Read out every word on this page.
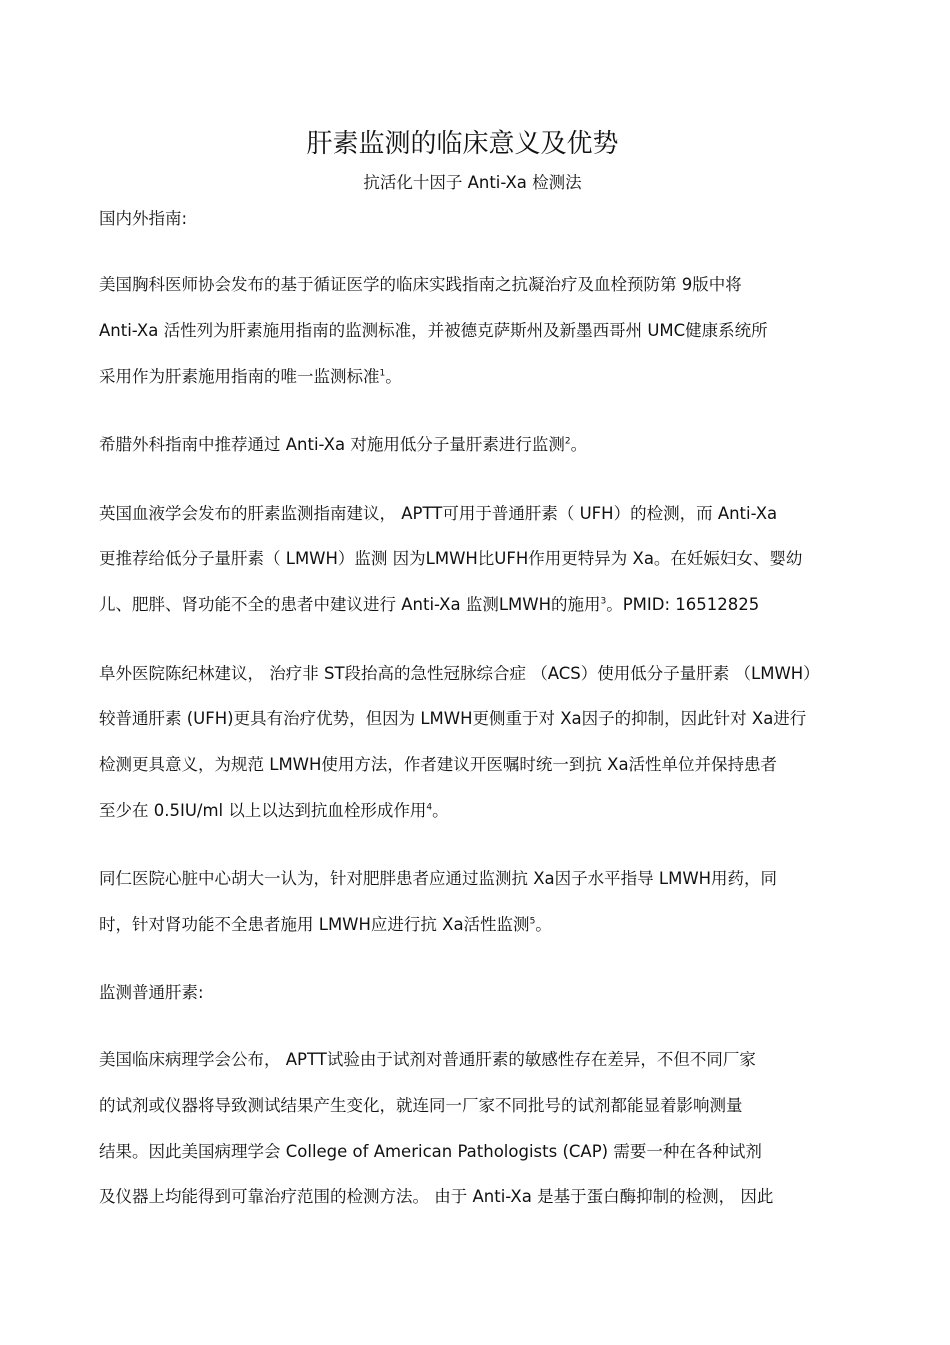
肝素监测的临床意义及优势
抗活化十因子 Anti-Xa 检测法
国内外指南:
美国胸科医师协会发布的基于循证医学的临床实践指南之抗凝治疗及血栓预防第 9版中将
Anti-Xa 活性列为肝素施用指南的监测标准，并被德克萨斯州及新墨西哥州 UMC健康系统所
采用作为肝素施用指南的唯一监测标准$^1$。
希腊外科指南中推荐通过 Anti-Xa 对施用低分子量肝素进行监测$^2$。
英国血液学会发布的肝素监测指南建议， APTT可用于普通肝素（ UFH）的检测，而 Anti-Xa
更推荐给低分子量肝素（ LMWH）监测 因为LMWH比UFH作用更特异为 Xa。在妊娠妇女、婴幼
儿、肥胖、肾功能不全的患者中建议进行 Anti-Xa 监测LMWH的施用$^3$。PMID: 16512825
阜外医院陈纪林建议， 治疗非 ST段抬高的急性冠脉综合症 （ACS）使用低分子量肝素 （LMWH）
较普通肝素 (UFH)更具有治疗优势，但因为 LMWH更侧重于对 Xa因子的抑制，因此针对 Xa进行
检测更具意义，为规范 LMWH使用方法，作者建议开医嘱时统一到抗 Xa活性单位并保持患者
至少在 0.5IU/ml 以上以达到抗血栓形成作用$^4$。
同仁医院心脏中心胡大一认为，针对肥胖患者应通过监测抗 Xa因子水平指导 LMWH用药，同
时，针对肾功能不全患者施用 LMWH应进行抗 Xa活性监测$^5$。
监测普通肝素:
美国临床病理学会公布， APTT试验由于试剂对普通肝素的敏感性存在差异，不但不同厂家
的试剂或仪器将导致测试结果产生变化，就连同一厂家不同批号的试剂都能显着影响测量
结果。因此美国病理学会 College of American Pathologists (CAP) 需要一种在各种试剂
及仪器上均能得到可靠治疗范围的检测方法。 由于 Anti-Xa 是基于蛋白酶抑制的检测， 因此
